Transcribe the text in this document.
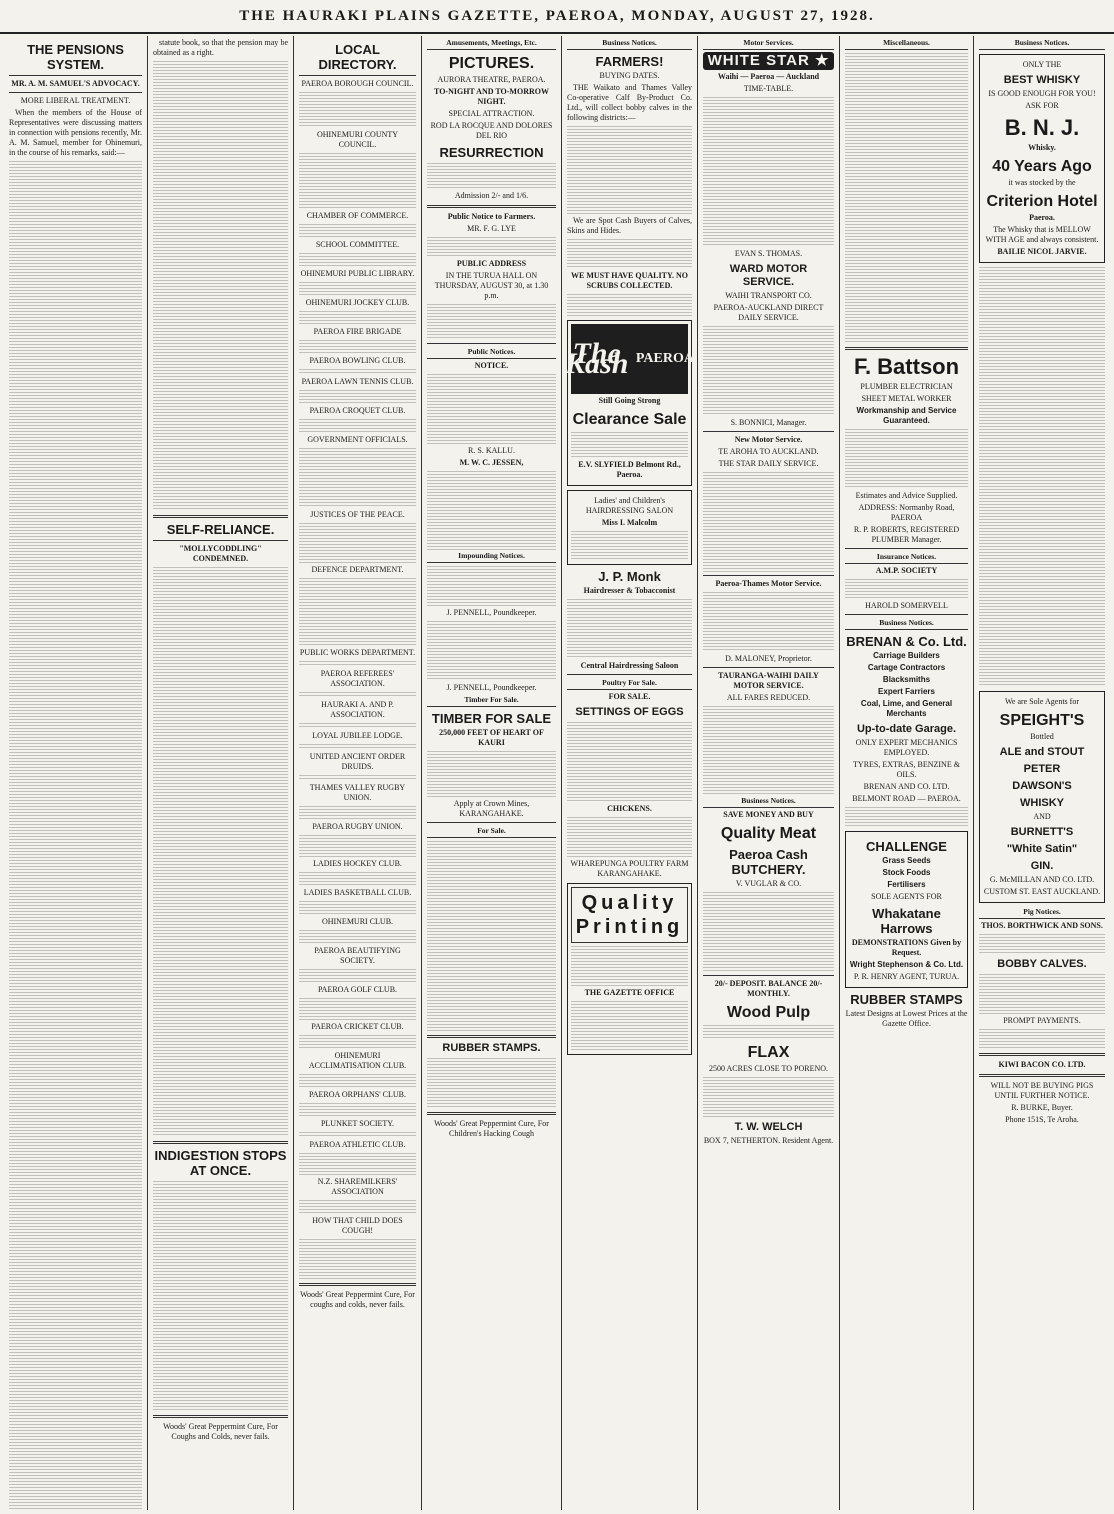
THE HAURAKI PLAINS GAZETTE, PAEROA, MONDAY, AUGUST 27, 1928.
THE PENSIONS SYSTEM.
MR. A. M. SAMUEL'S ADVOCACY.
MORE LIBERAL TREATMENT.
When the members of the House of Representatives were discussing matters in connection with pensions recently, Mr. A. M. Samuel, member for Ohinemuri, in the course of his remarks, said:—
statute book, so that the pension may be obtained as a right.
SELF-RELIANCE.
"MOLLYCODDLING" CONDEMNED.
INDIGESTION STOPS AT ONCE.
Woods' Great Peppermint Cure, For Coughs and Colds, never fails.
LOCAL DIRECTORY.
PAEROA BOROUGH COUNCIL.
OHINEMURI COUNTY COUNCIL.
CHAMBER OF COMMERCE.
SCHOOL COMMITTEE.
OHINEMURI PUBLIC LIBRARY.
OHINEMURI JOCKEY CLUB.
PAEROA FIRE BRIGADE
PAEROA BOWLING CLUB.
PAEROA LAWN TENNIS CLUB.
PAEROA CROQUET CLUB.
GOVERNMENT OFFICIALS.
JUSTICES OF THE PEACE.
DEFENCE DEPARTMENT.
PUBLIC WORKS DEPARTMENT.
PAEROA REFEREES' ASSOCIATION.
HAURAKI A. AND P. ASSOCIATION.
LOYAL JUBILEE LODGE.
UNITED ANCIENT ORDER DRUIDS.
THAMES VALLEY RUGBY UNION.
PAEROA RUGBY UNION.
LADIES HOCKEY CLUB.
LADIES BASKETBALL CLUB.
OHINEMURI CLUB.
PAEROA BEAUTIFYING SOCIETY.
PAEROA GOLF CLUB.
PAEROA CRICKET CLUB.
OHINEMURI ACCLIMATISATION CLUB.
PAEROA ORPHANS' CLUB.
PLUNKET SOCIETY.
PAEROA ATHLETIC CLUB.
N.Z. SHAREMILKERS' ASSOCIATION
HOW THAT CHILD DOES COUGH!
Woods' Great Peppermint Cure, For coughs and colds, never fails.
Amusements, Meetings, Etc.
PICTURES.
AURORA THEATRE, PAEROA.
TO-NIGHT AND TO-MORROW NIGHT.
SPECIAL ATTRACTION.
ROD LA ROCQUE AND DOLORES DEL RIO
RESURRECTION
Admission 2/- and 1/6.
Public Notice to Farmers.
MR. F. G. LYE
PUBLIC ADDRESS
IN THE TURUA HALL ON THURSDAY, AUGUST 30, at 1.30 p.m.
Public Notices.
NOTICE.
R. S. KALLU.
M. W. C. JESSEN,
Impounding Notices.
J. PENNELL, Poundkeeper.
J. PENNELL, Poundkeeper.
Timber For Sale.
TIMBER FOR SALE
250,000 FEET OF HEART OF KAURI
Apply at Crown Mines, KARANGAHAKE.
For Sale.
RUBBER STAMPS.
Woods' Great Peppermint Cure, For Children's Hacking Cough
Business Notices.
FARMERS!
BUYING DATES.
THE Waikato and Thames Valley Co-operative Calf By-Product Co. Ltd., will collect bobby calves in the following districts:—
We are Spot Cash Buyers of Calves, Skins and Hides.
WE MUST HAVE QUALITY. NO SCRUBS COLLECTED.
The Kash
PAEROA
Still Going Strong
Clearance Sale
E.V. SLYFIELD Belmont Rd., Paeroa.
Ladies' and Children's HAIRDRESSING SALON
Miss I. Malcolm
J. P. Monk
Hairdresser & Tobacconist
Central Hairdressing Saloon
Poultry For Sale.
FOR SALE.
SETTINGS OF EGGS
CHICKENS.
WHAREPUNGA POULTRY FARM KARANGAHAKE.
Quality Printing
THE GAZETTE OFFICE
Motor Services.
WHITE STAR ★
Waihi — Paeroa — Auckland
TIME-TABLE.
EVAN S. THOMAS.
WARD MOTOR SERVICE.
WAIHI TRANSPORT CO.
PAEROA-AUCKLAND DIRECT DAILY SERVICE.
S. BONNICI, Manager.
New Motor Service.
TE AROHA TO AUCKLAND.
THE STAR DAILY SERVICE.
Paeroa-Thames Motor Service.
D. MALONEY, Proprietor.
TAURANGA-WAIHI DAILY MOTOR SERVICE.
ALL FARES REDUCED.
Business Notices.
SAVE MONEY AND BUY
Quality Meat
Paeroa Cash BUTCHERY.
V. VUGLAR & CO.
20/- DEPOSIT. BALANCE 20/- MONTHLY.
Wood Pulp
FLAX
2500 ACRES CLOSE TO PORENO.
T. W. WELCH
BOX 7, NETHERTON. Resident Agent.
Miscellaneous.
F. Battson
PLUMBER ELECTRICIAN
SHEET METAL WORKER
Workmanship and Service Guaranteed.
Estimates and Advice Supplied.
ADDRESS: Normanby Road, PAEROA
R. P. ROBERTS, REGISTERED PLUMBER Manager.
Insurance Notices.
A.M.P. SOCIETY
HAROLD SOMERVELL
Business Notices.
BRENAN & Co. Ltd.
Carriage Builders
Cartage Contractors
Blacksmiths
Expert Farriers
Coal, Lime, and General Merchants
Up-to-date Garage.
ONLY EXPERT MECHANICS EMPLOYED.
TYRES, EXTRAS, BENZINE & OILS.
BRENAN AND CO. LTD.
BELMONT ROAD — PAEROA.
CHALLENGE
Grass Seeds
Stock Foods
Fertilisers
SOLE AGENTS FOR
Whakatane Harrows
DEMONSTRATIONS Given by Request.
Wright Stephenson & Co. Ltd.
P. R. HENRY AGENT, TURUA.
RUBBER STAMPS
Latest Designs at Lowest Prices at the Gazette Office.
Business Notices.
ONLY THE
BEST WHISKY
IS GOOD ENOUGH FOR YOU!
ASK FOR
B. N. J.
Whisky.
40 Years Ago
it was stocked by the
Criterion Hotel
Paeroa.
The Whisky that is MELLOW WITH AGE and always consistent.
BAILIE NICOL JARVIE.
We are Sole Agents for
SPEIGHT'S
Bottled
ALE and STOUT
PETER
DAWSON'S
WHISKY
AND
BURNETT'S
"White Satin"
GIN.
G. McMILLAN AND CO. LTD.
CUSTOM ST. EAST AUCKLAND.
Pig Notices.
THOS. BORTHWICK AND SONS.
BOBBY CALVES.
PROMPT PAYMENTS.
KIWI BACON CO. LTD.
WILL NOT BE BUYING PIGS UNTIL FURTHER NOTICE.
R. BURKE, Buyer.
Phone 151S, Te Aroha.
